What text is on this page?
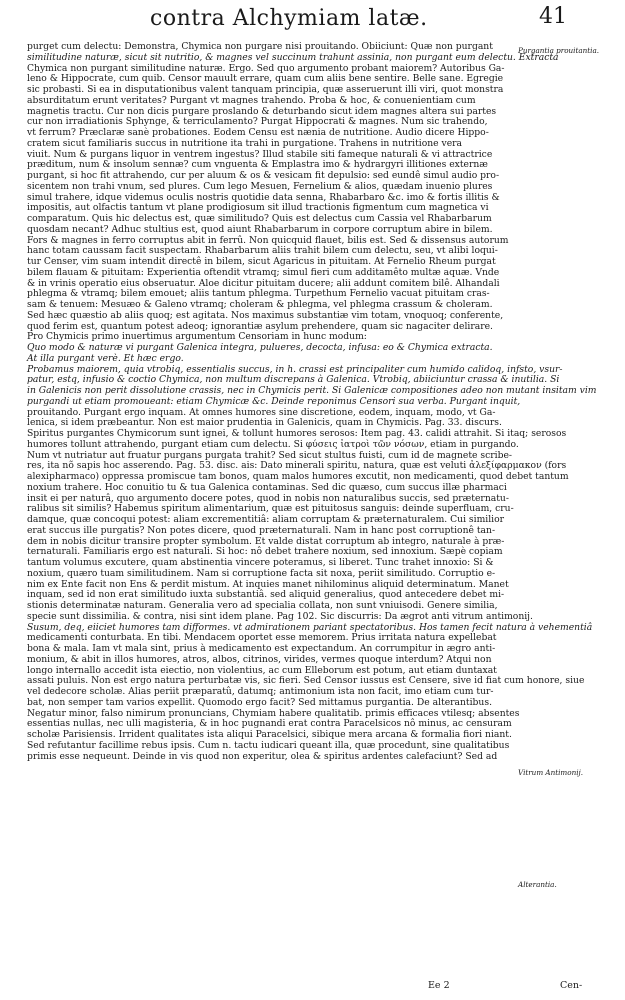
contra Alchymiam latæ.	41
purget cum delectu: Demonstra, Chymica non purgare nisi prouitando. Obiiciunt: Quæ non purgant
similitudine naturæ, sicut sit nutritio, & magnes vel succinum trahunt assinia, non purgant eum delectu. Extracta
Chymica non purgant similitudine naturæ. Ergo. Sed quo argumento probant maiorem? Autoribus Ga-
leno & Hippocrate, cum quib. Censor mauult errare, quam cum aliis bene sentire. Belle sane. Egregie
sic probasti. Si ea in disputationibus valent tanquam principia, quæ asseruerunt illi viri, quot monstra
absurditatum erunt veritates? Purgant vt magnes trahendo. Proba & hoc, & conuenientiam cum
magnetis tractu. Cur non dicis purgare proslando & deturbando sicut idem magnes altera sui partes
cur non irradiationis Sphynge, & terriculamento? Purgat Hippocrati & magnes. Num sic trahendo,
vt ferrum? Præclaræ sanè probationes. Eodem Censu est nænia de nutritione. Audio dicere Hippo-
cratem sicut familiaris succus in nutritione ita trahi in purgatione. Trahens in nutritione vera
viuit. Num & purgans liquor in ventrem ingestus? Illud stabile siti fameque naturali & vi attractrice
præditum, num & insolum sennæ? cum vnguenta & Emplastra imo & hydrargyri illitiones externæ
purgant, si hoc fit attrahendo, cur per aluum & os & vesicam fit depulsio: sed eundê simul audio pro-
sicentem non trahi vnum, sed plures. Cum lego Mesuen, Fernelium & alios, quædam inuenio plures
simul trahere, idque videmus oculis nostris quotidie data senna, Rhabarbaro &c. imo & fortis illitis &
impositis, aut olfactis tantum vt plane prodigiosum sit illud tractionis figmentum cum magnetica vi
comparatum. Quis hic delectus est, quæ similitudo? Quis est delectus cum Cassia vel Rhabarbarum
quosdam necant? Adhuc stultius est, quod aiunt Rhabarbarum in corpore corruptum abire in bilem.
Fors & magnes in ferro corruptus abit in ferrû. Non quicquid flauet, bilis est. Sed & dissensus autorum
hanc totam caussam facit suspectam. Rhabarbarum aliis trahit bilem cum delectu, seu, vt alibi loqui-
tur Censer, vim suam intendit directê in bilem, sicut Agaricus in pituitam. At Fernelio Rheum purgat
bilem flauam & pituitam: Experientia oftendit vtramq; simul fieri cum additamêto multæ aquæ. Vnde
& in vrinis operatio eius obseruatur. Aloe dicitur pituitam ducere; alii addunt comitem bilê. Alhandali
phlegma & vtramq; bilem emouet; aliis tantum phlegma. Turpethum Fernelio vacuat pituitam cras-
sam & tenuem: Mesuæo & Galeno vtramq; choleram & phlegma, vel phlegma crassum & choleram.
Sed hæc quæstio ab aliis quoq; est agitata. Nos maximus substantiæ vim totam, vnoquoq; conferente,
quod ferim est, quantum potest adeoq; ignorantiæ asylum prehendere, quam sic nagaciter delirare.
Pro Chymicis primo inuertimus argumentum Censoriam in hunc modum:
Quo modo & naturæ vi purgant Galenica integra, pulueres, decocta, infusa: eo & Chymica extracta.
At illa purgant verè. Et hæc ergo.
Probamus maiorem, quia vtrobiq, essentialis succus, in h. crassi est principaliter cum humido calidoq, infsto, vsur-
patur, estq, infusio & coctio Chymica, non multum discrepans à Galenica. Vtrobiq, abiiciuntur crassa & inutilia. Si
in Galenicis non perit dissolutione crassis, nec in Chymicis perit. Si Galenicæ compositiones adeo non mutant insitam vim
purgandi ut etiam promoueant: etiam Chymicæ &c. Deinde reponimus Censori sua verba. Purgant inquit,
prouitando. Purgant ergo inquam. At omnes humores sine discretione, eodem, inquam, modo, vt Ga-
lenica, si idem præbeantur. Non est maior prudentia in Galenicis, quam in Chymicis. Pag. 33. discurs.
Spiritus purgantes Chymicorum sunt ignei, & tollunt humores serosos: Item pag. 43. calidi attrahit. Si itaq; serosos
humores tollunt attrahendo, purgant etiam cum delectu. Si φύσεις ἰατροὶ τῶν νόσων, etiam in purgando.
Num vt nutriatur aut fruatur purgans purgata trahit? Sed sicut stultus fuisti, cum id de magnete scribe-
res, ita nõ sapis hoc asserendo. Pag. 53. disc. ais: Dato minerali spiritu, natura, quæ est veluti ἀλεξίφαρμακον (fors
alexipharmaco) oppressa promiscue tam bonos, quam malos humores excutit, non medicamenti, quod debet tantum
noxium trahere. Hoc conuitio tu & tua Galenica contaminas. Sed dic quæso, cum succus illæ pharmaci
insit ei per naturâ, quo argumento docere potes, quod in nobis non naturalibus succis, sed præternatu-
ralibus sit similis? Habemus spiritum alimentarium, quæ est pituitosus sanguis: deinde superfluam, cru-
damque, quæ concoqui potest: aliam excrementitiâ: aliam corruptam & præternaturalem. Cui similior
erat succus ille purgatis? Non potes dicere, quod præternaturali. Nam in hanc post corruptionê tan-
dem in nobis dicitur transire propter symbolum. Et valde distat corruptum ab integro, naturale à præ-
ternaturali. Familiaris ergo est naturali. Si hoc: nô debet trahere noxium, sed innoxium. Sæpè copiam
tantum volumus excutere, quam abstinentia vincere poteramus, si liberet. Tunc trahet innoxio: Si &
noxium, quæro tuam similitudinem. Nam si corruptione facta sit noxa, periit similitudo. Corruptio e-
nim ex Ente facit non Ens & perdit mistum. At inquies manet nihilominus aliquid determinatum. Manet
inquam, sed id non erat similitudo iuxta substantiâ. sed aliquid generalius, quod antecedere debet mi-
stionis determinatæ naturam. Generalia vero ad specialia collata, non sunt vniuisodi. Genere similia,
specie sunt dissimilia. & contra, nisi sint idem plane. Pag 102. Sic discurris: Da ægrot anti vitrum antimonij.
Susum, deq, eiiciet humores tam difformes. vt admirationem pariant spectatoribus. Hos tamen fecit natura à vehementiâ
medicamenti conturbata. En tibi. Mendacem oportet esse memorem. Prius irritata natura expellebat
bona & mala. Iam vt mala sint, prius à medicamento est expectandum. An corrumpitur in ægro anti-
monium, & abit in illos humores, atros, albos, citrinos, virides, vermes quoque interdum? Atqui non
longo internallo accedit ista eiectio, non violentius, ac cum Elleborum est potum, aut etiam duntaxat
assati puluis. Non est ergo natura perturbatæ vis, sic fieri. Sed Censor iussus est Censere, sive id fiat cum honore, siue
vel dedecore scholæ. Alias periit præparatû, datumq; antimonium ista non facit, imo etiam cum tur-
bat, non semper tam varios expellit. Quomodo ergo facit? Sed mittamus purgantia. De alterantibus.
Negatur minor, falso nimirum pronuncians, Chymiam habere qualitatib. primis efficaces vtilesq; absentes
essentias nullas, nec ulli magisteria, & in hoc pugnandi erat contra Paracelsicos nô minus, ac censuram
scholæ Parisiensis. Irrident qualitates ista aliqui Paracelsici, sibique mera arcana & formalia fiori niant.
Sed refutantur facillime rebus ipsis. Cum n. tactu iudicari queant illa, quæ procedunt, sine qualitatibus
primis esse nequeunt. Deinde in vis quod non experitur, olea & spiritus ardentes calefaciunt? Sed ad
Purgantia prouitantia.
Vitrum Antimonij.
Alterantia.
Ee 2	Cen-
